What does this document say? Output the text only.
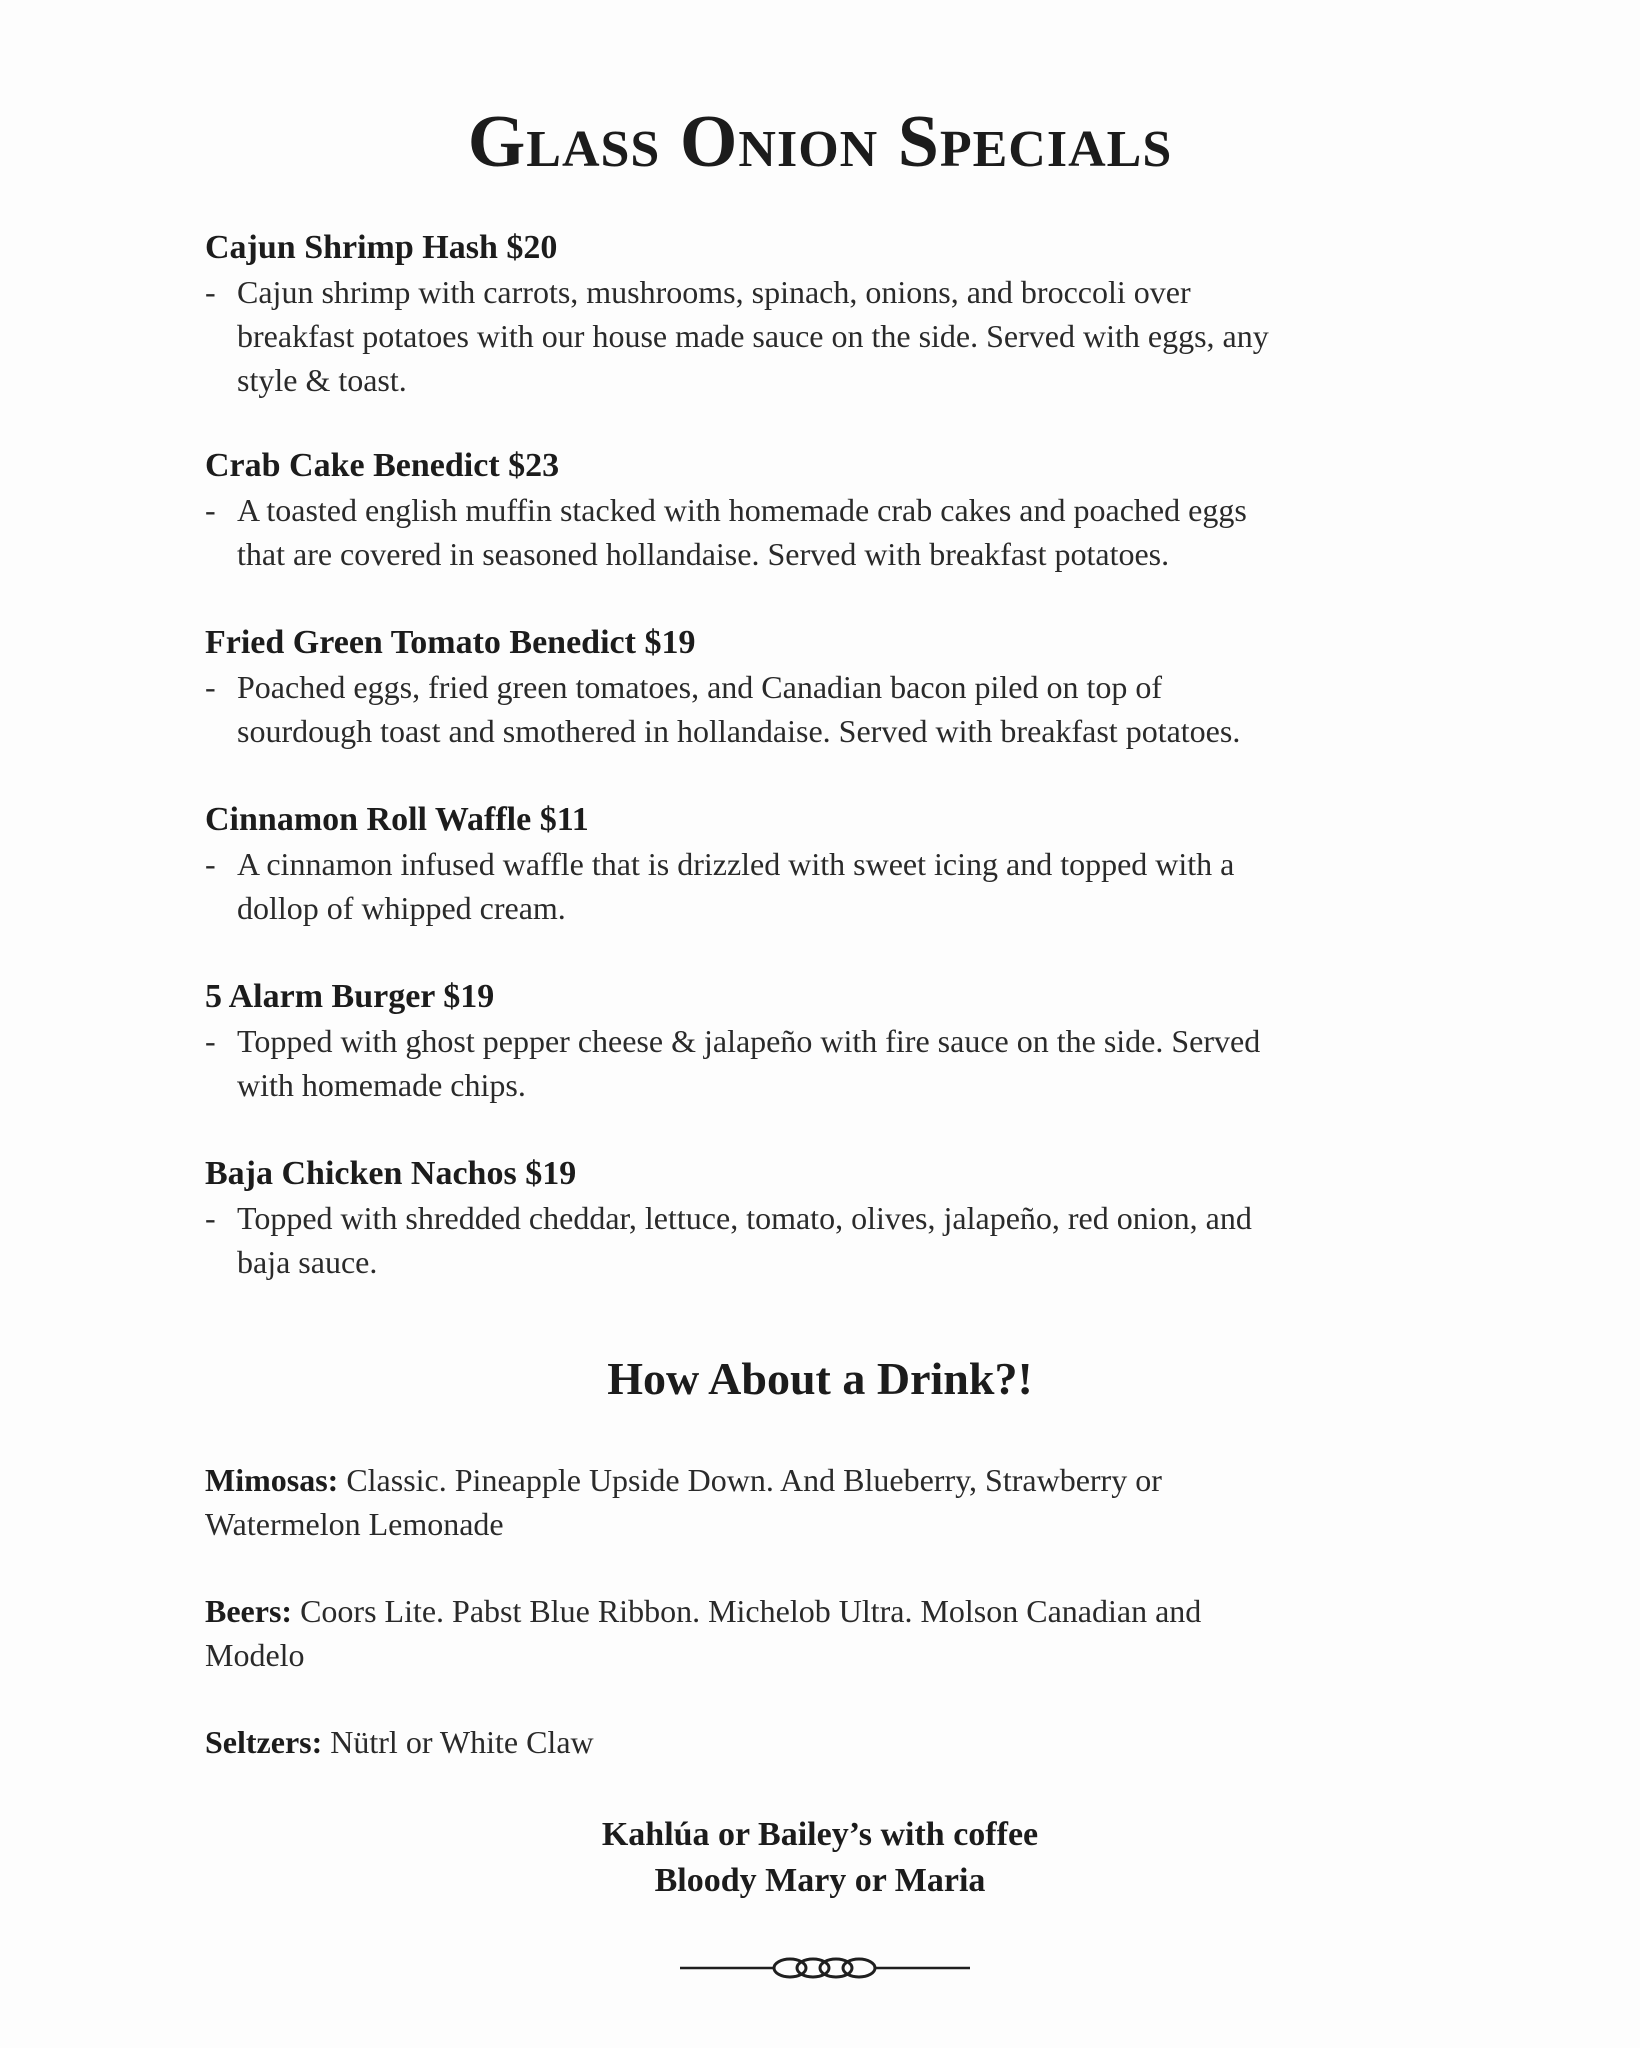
Glass Onion Specials
Cajun Shrimp Hash $20
- Cajun shrimp with carrots, mushrooms, spinach, onions, and broccoli over
breakfast potatoes with our house made sauce on the side. Served with eggs, any
style & toast.
Crab Cake Benedict $23
- A toasted english muffin stacked with homemade crab cakes and poached eggs
that are covered in seasoned hollandaise. Served with breakfast potatoes.
Fried Green Tomato Benedict $19
- Poached eggs, fried green tomatoes, and Canadian bacon piled on top of
sourdough toast and smothered in hollandaise. Served with breakfast potatoes.
Cinnamon Roll Waffle $11
- A cinnamon infused waffle that is drizzled with sweet icing and topped with a
dollop of whipped cream.
5 Alarm Burger $19
- Topped with ghost pepper cheese & jalapeño with fire sauce on the side. Served
with homemade chips.
Baja Chicken Nachos $19
- Topped with shredded cheddar, lettuce, tomato, olives, jalapeño, red onion, and
baja sauce.
How About a Drink?!
Mimosas: Classic. Pineapple Upside Down. And Blueberry, Strawberry or
Watermelon Lemonade
Beers: Coors Lite. Pabst Blue Ribbon. Michelob Ultra. Molson Canadian and
Modelo
Seltzers: Nütrl or White Claw
Kahlúa or Bailey’s with coffee
Bloody Mary or Maria
